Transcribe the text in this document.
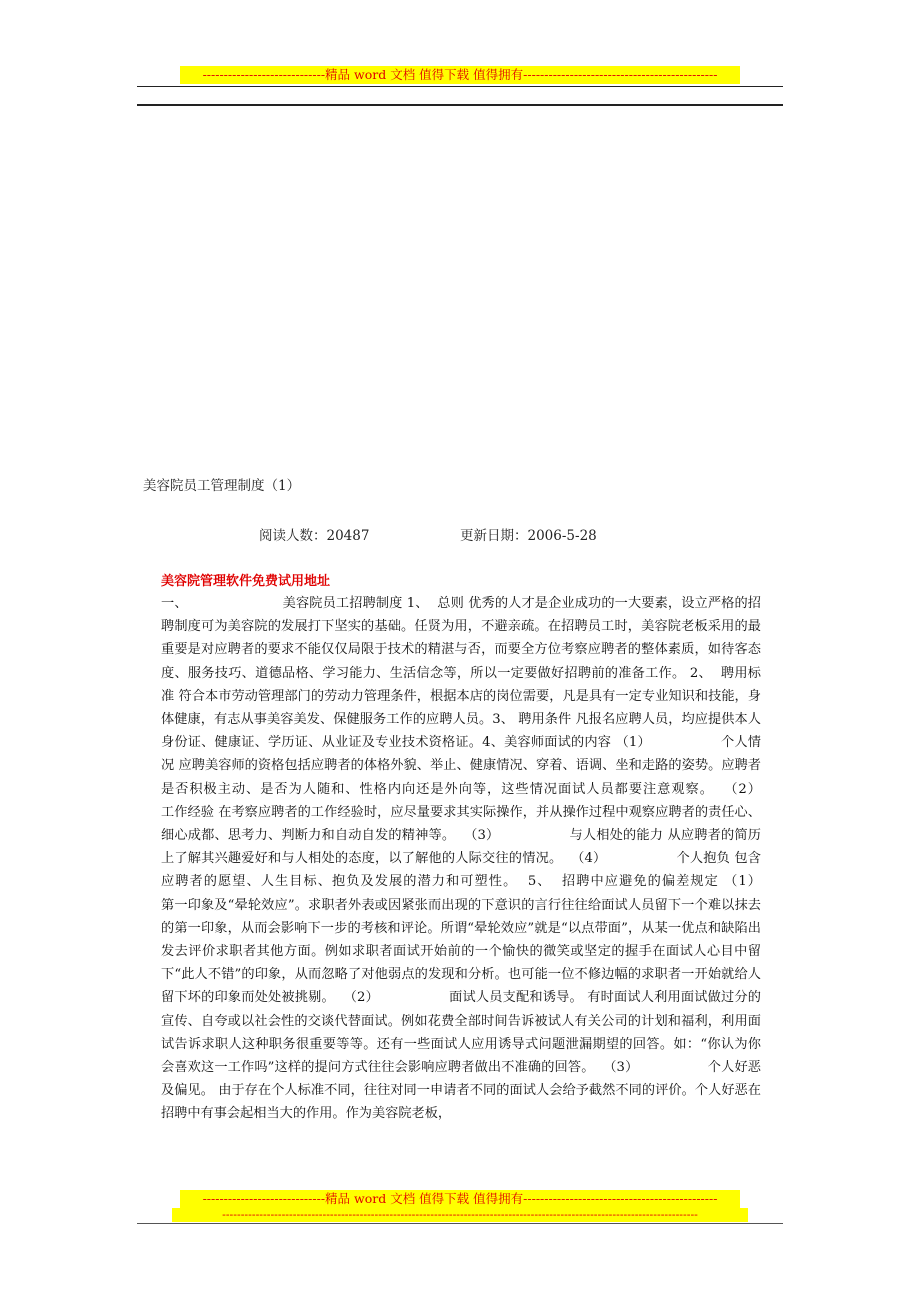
-----------------------------精品 word 文档 值得下载 值得拥有----------------------------------------------
美容院员工管理制度（1）
阅读人数：20487	更新日期：2006-5-28
美容院管理软件免费试用地址
一、                      美容院员工招聘制度 1、  总则 优秀的人才是企业成功的一大要素，设立严格的招聘制度可为美容院的发展打下坚实的基础。任贤为用，不避亲疏。在招聘员工时，美容院老板采用的最重要是对应聘者的要求不能仅仅局限于技术的精湛与否，而要全方位考察应聘者的整体素质，如待客态度、服务技巧、道德品格、学习能力、生活信念等，所以一定要做好招聘前的准备工作。 2、  聘用标准 符合本市劳动管理部门的劳动力管理条件，根据本店的岗位需要，凡是具有一定专业知识和技能，身体健康，有志从事美容美发、保健服务工作的应聘人员。3、 聘用条件 凡报名应聘人员，均应提供本人身份证、健康证、学历证、从业证及专业技术资格证。4、美容师面试的内容 （1）                个人情况 应聘美容师的资格包括应聘者的体格外貌、举止、健康情况、穿着、语调、坐和走路的姿势。应聘者是否积极主动、是否为人随和、性格内向还是外向等，这些情况面试人员都要注意观察。  （2）                工作经验 在考察应聘者的工作经验时，应尽量要求其实际操作，并从操作过程中观察应聘者的责任心、细心成都、思考力、判断力和自动自发的精神等。  （3）                与人相处的能力 从应聘者的简历上了解其兴趣爱好和与人相处的态度，以了解他的人际交往的情况。  （4）                个人抱负 包含应聘者的愿望、人生目标、抱负及发展的潜力和可塑性。  5、  招聘中应避免的偏差规定 （1）                第一印象及“晕轮效应”。求职者外表或因紧张而出现的下意识的言行往往给面试人员留下一个难以抹去的第一印象，从而会影响下一步的考核和评论。所谓“晕轮效应”就是“以点带面”，从某一优点和缺陷出发去评价求职者其他方面。例如求职者面试开始前的一个愉快的微笑或坚定的握手在面试人心目中留下“此人不错”的印象，从而忽略了对他弱点的发现和分析。也可能一位不修边幅的求职者一开始就给人留下坏的印象而处处被挑剔。  （2）                面试人员支配和诱导。 有时面试人利用面试做过分的宣传、自夸或以社会性的交谈代替面试。例如花费全部时间告诉被试人有关公司的计划和福利，利用面试告诉求职人这种职务很重要等等。还有一些面试人应用诱导式问题泄漏期望的回答。如：“你认为你会喜欢这一工作吗”这样的提问方式往往会影响应聘者做出不准确的回答。  （3）                个人好恶及偏见。 由于存在个人标准不同，往往对同一申请者不同的面试人会给予截然不同的评价。个人好恶在招聘中有事会起相当大的作用。作为美容院老板，
-----------------------------精品 word 文档 值得下载 值得拥有----------------------------------------------
--------------------------------------------------------------------------------------------------------------------------------
